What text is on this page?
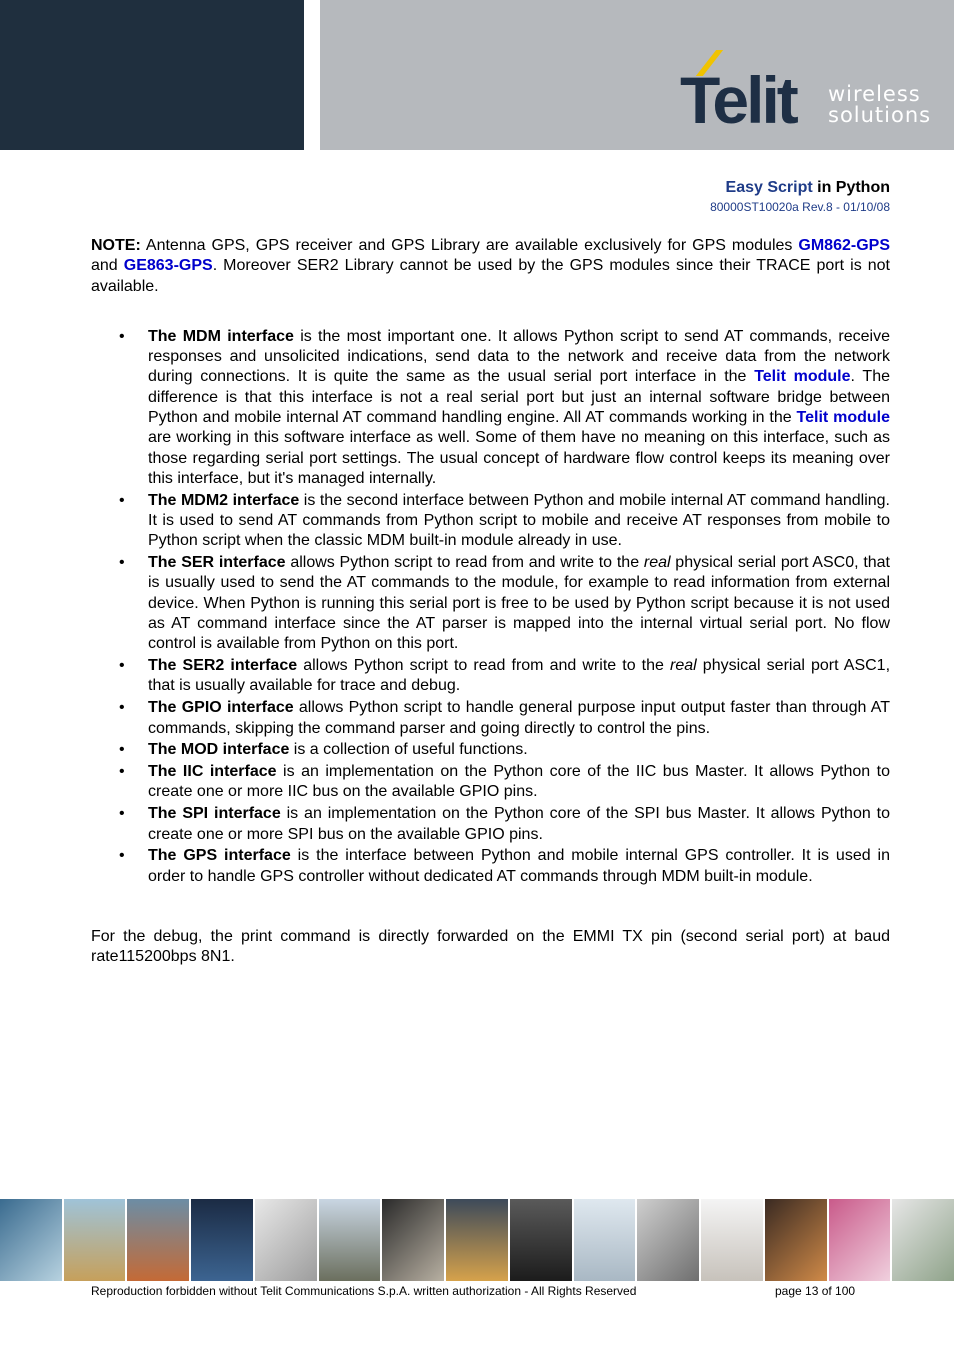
Telit wireless
solutions
Easy Script in Python
80000ST10020a Rev.8 - 01/10/08

NOTE: Antenna GPS, GPS receiver and GPS Library are available exclusively for GPS modules GM862-GPS and GE863-GPS. Moreover SER2 Library cannot be used by the GPS modules since their TRACE port is not available.

• The MDM interface is the most important one. It allows Python script to send AT commands, receive responses and unsolicited indications, send data to the network and receive data from the network during connections. It is quite the same as the usual serial port interface in the Telit module. The difference is that this interface is not a real serial port but just an internal software bridge between Python and mobile internal AT command handling engine. All AT commands working in the Telit module are working in this software interface as well. Some of them have no meaning on this interface, such as those regarding serial port settings. The usual concept of hardware flow control keeps its meaning over this interface, but it's managed internally.
• The MDM2 interface is the second interface between Python and mobile internal AT command handling. It is used to send AT commands from Python script to mobile and receive AT responses from mobile to Python script when the classic MDM built-in module already in use.
• The SER interface allows Python script to read from and write to the real physical serial port ASC0, that is usually used to send the AT commands to the module, for example to read information from external device. When Python is running this serial port is free to be used by Python script because it is not used as AT command interface since the AT parser is mapped into the internal virtual serial port. No flow control is available from Python on this port.
• The SER2 interface allows Python script to read from and write to the real physical serial port ASC1, that is usually available for trace and debug.
• The GPIO interface allows Python script to handle general purpose input output faster than through AT commands, skipping the command parser and going directly to control the pins.
• The MOD interface is a collection of useful functions.
• The IIC interface is an implementation on the Python core of the IIC bus Master. It allows Python to create one or more IIC bus on the available GPIO pins.
• The SPI interface is an implementation on the Python core of the SPI bus Master. It allows Python to create one or more SPI bus on the available GPIO pins.
• The GPS interface is the interface between Python and mobile internal GPS controller. It is used in order to handle GPS controller without dedicated AT commands through MDM built-in module.

For the debug, the print command is directly forwarded on the EMMI TX pin (second serial port) at baud rate115200bps 8N1.

Reproduction forbidden without Telit Communications S.p.A. written authorization - All Rights Reserved	page 13 of 100
